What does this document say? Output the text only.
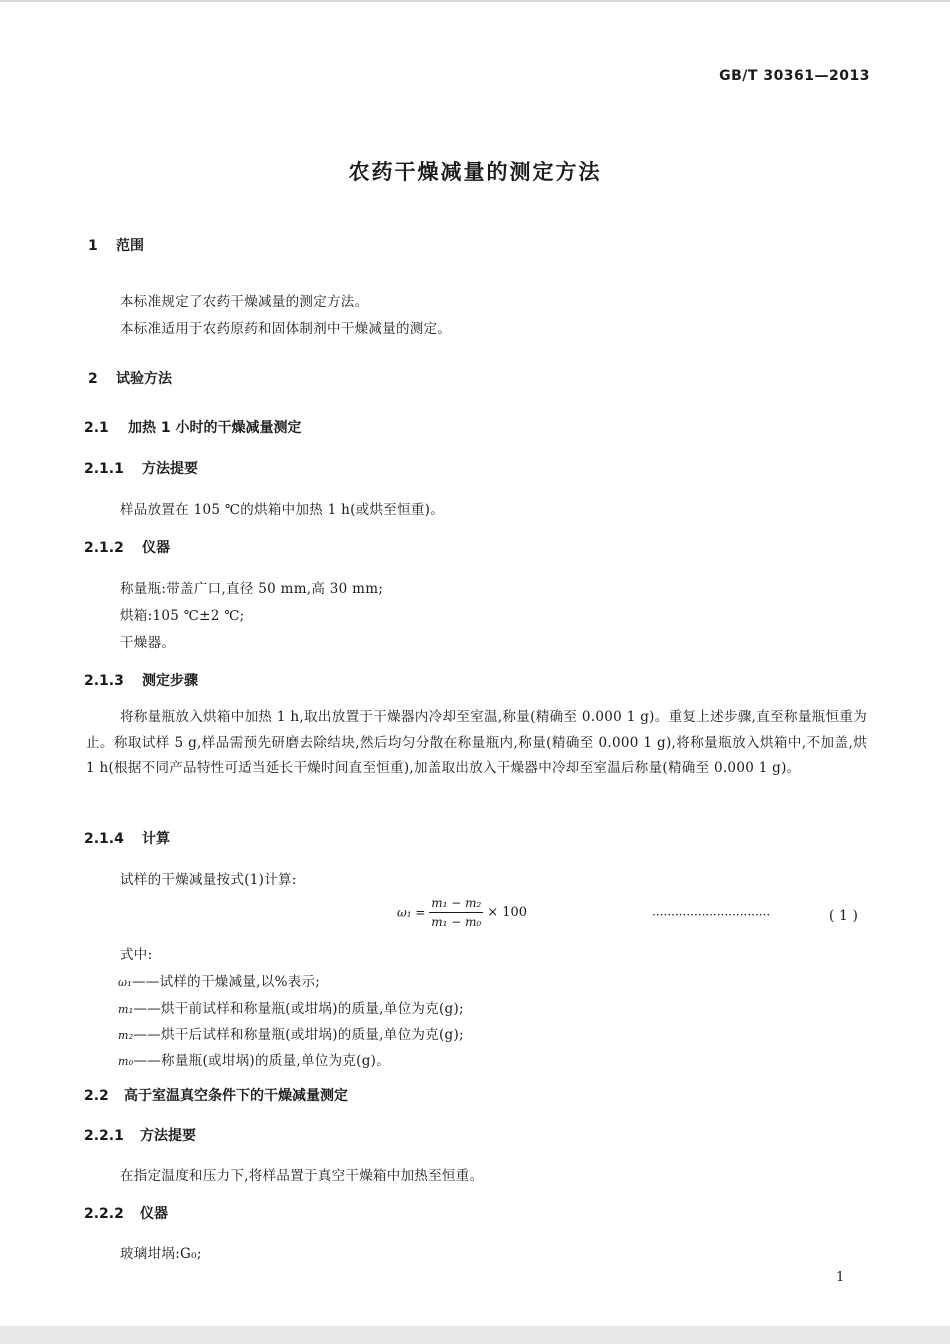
GB/T 30361—2013
农药干燥减量的测定方法
1 范围
本标准规定了农药干燥减量的测定方法。
本标准适用于农药原药和固体制剂中干燥减量的测定。
2 试验方法
2.1 加热 1 小时的干燥减量测定
2.1.1 方法提要
样品放置在 105 ℃的烘箱中加热 1 h(或烘至恒重)。
2.1.2 仪器
称量瓶:带盖广口,直径 50 mm,高 30 mm;
烘箱:105 ℃±2 ℃;
干燥器。
2.1.3 测定步骤
将称量瓶放入烘箱中加热 1 h,取出放置于干燥器内冷却至室温,称量(精确至 0.000 1 g)。重复上述步骤,直至称量瓶恒重为止。称取试样 5 g,样品需预先研磨去除结块,然后均匀分散在称量瓶内,称量(精确至 0.000 1 g),将称量瓶放入烘箱中,不加盖,烘 1 h(根据不同产品特性可适当延长干燥时间直至恒重),加盖取出放入干燥器中冷却至室温后称量(精确至 0.000 1 g)。
2.1.4 计算
试样的干燥减量按式(1)计算:
$\omega_1 = \frac{\text{m₁ − m₂}}{\text{m₁ − m₀}} \times 100$	·······························	( 1 )
式中:
ω₁——试样的干燥减量,以%表示;
m₁——烘干前试样和称量瓶(或坩埚)的质量,单位为克(g);
m₂——烘干后试样和称量瓶(或坩埚)的质量,单位为克(g);
m₀——称量瓶(或坩埚)的质量,单位为克(g)。
2.2 高于室温真空条件下的干燥减量测定
2.2.1 方法提要
在指定温度和压力下,将样品置于真空干燥箱中加热至恒重。
2.2.2 仪器
玻璃坩埚:G₀;
1
